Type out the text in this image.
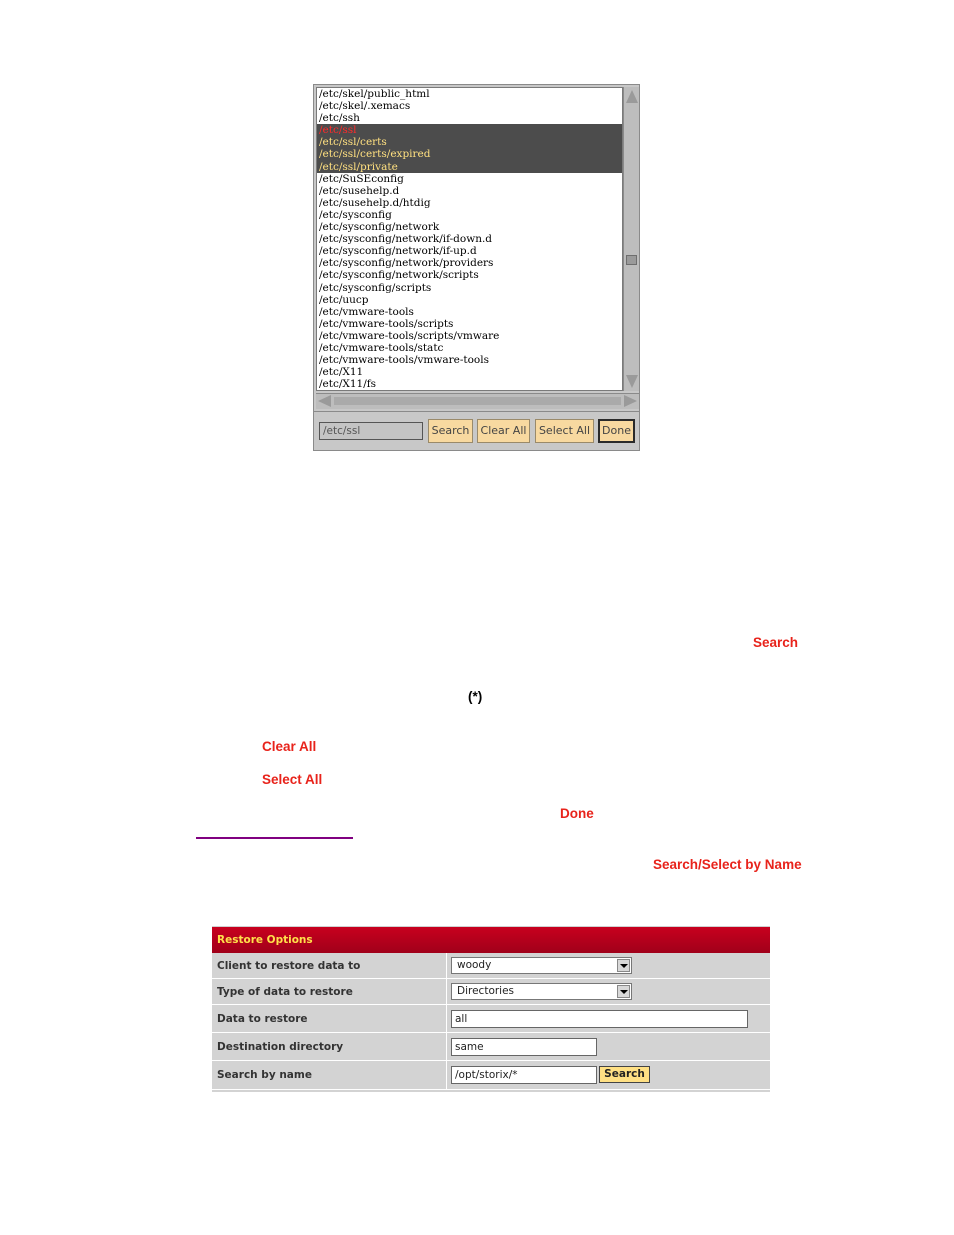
/etc/skel/public_html
/etc/skel/.xemacs
/etc/ssh
/etc/ssl
/etc/ssl/certs
/etc/ssl/certs/expired
/etc/ssl/private
/etc/SuSEconfig
/etc/susehelp.d
/etc/susehelp.d/htdig
/etc/sysconfig
/etc/sysconfig/network
/etc/sysconfig/network/if-down.d
/etc/sysconfig/network/if-up.d
/etc/sysconfig/network/providers
/etc/sysconfig/network/scripts
/etc/sysconfig/scripts
/etc/uucp
/etc/vmware-tools
/etc/vmware-tools/scripts
/etc/vmware-tools/scripts/vmware
/etc/vmware-tools/statc
/etc/vmware-tools/vmware-tools
/etc/X11
/etc/X11/fs
/etc/ssl	Search	Clear All	Select All	Done
Search
(*)
Clear All
Select All
Done
Search/Select by Name
Restore Options
Client to restore data to	woody
Type of data to restore	Directories
Data to restore	all
Destination directory	same
Search by name	/opt/storix/*	Search
